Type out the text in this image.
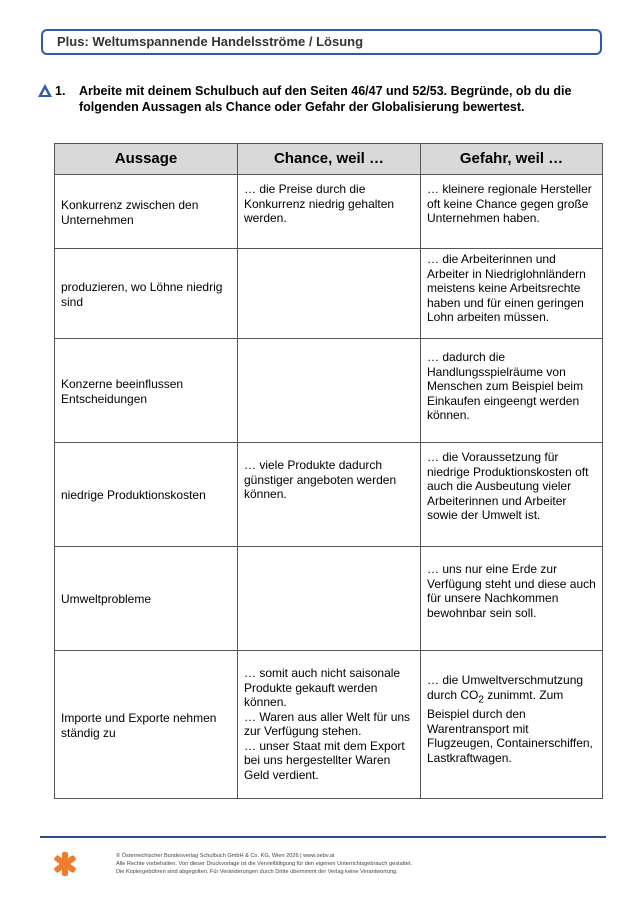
Plus: Weltumspannende Handelsströme / Lösung
1. Arbeite mit deinem Schulbuch auf den Seiten 46/47 und 52/53. Begründe, ob du die folgenden Aussagen als Chance oder Gefahr der Globalisierung bewertest.
Aussage	Chance, weil …	Gefahr, weil …
Konkurrenz zwischen den Unternehmen	… die Preise durch die Konkurrenz niedrig gehalten werden.	… kleinere regionale Hersteller oft keine Chance gegen große Unternehmen haben.
produzieren, wo Löhne niedrig sind		… die Arbeiterinnen und Arbeiter in Niedriglohnländern meistens keine Arbeitsrechte haben und für einen geringen Lohn arbeiten müssen.
Konzerne beeinflussen Entscheidungen		… dadurch die Handlungsspielräume von Menschen zum Beispiel beim Einkaufen eingeengt werden können.
niedrige Produktionskosten	… viele Produkte dadurch günstiger angeboten werden können.	… die Voraussetzung für niedrige Produktionskosten oft auch die Ausbeutung vieler Arbeiterinnen und Arbeiter sowie der Umwelt ist.
Umweltprobleme		… uns nur eine Erde zur Verfügung steht und diese auch für unsere Nachkommen bewohnbar sein soll.
Importe und Exporte nehmen ständig zu	… somit auch nicht saisonale Produkte gekauft werden können.
… Waren aus aller Welt für uns zur Verfügung stehen.
… unser Staat mit dem Export bei uns hergestellter Waren Geld verdient.	… die Umweltverschmutzung durch $CO_2$ zunimmt. Zum Beispiel durch den Warentransport mit Flugzeugen, Containerschiffen, Lastkraftwagen.
© Österreichischer Bundesverlag Schulbuch GmbH & Co. KG, Wien 2026 | www.oebv.at
Alle Rechte vorbehalten. Von dieser Druckvorlage ist die Vervielfältigung für den eigenen Unterrichtsgebrauch gestattet.
Die Kopiergebühren sind abgegolten. Für Veränderungen durch Dritte übernimmt der Verlag keine Verantwortung.
